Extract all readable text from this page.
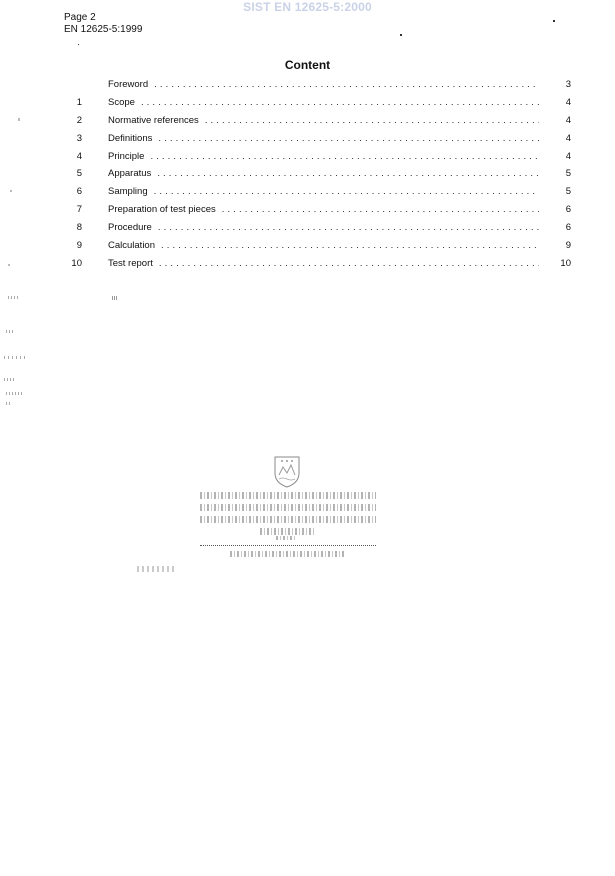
SIST EN 12625-5:2000
Page 2
EN 12625-5:1999
Content
Foreword .....	3
1	Scope .....	4
2	Normative references .....	4
3	Definitions .....	4
4	Principle .....	4
5	Apparatus .....	5
6	Sampling .....	5
7	Preparation of test pieces .....	6
8	Procedure .....	6
9	Calculation .....	9
10	Test report .....	10
